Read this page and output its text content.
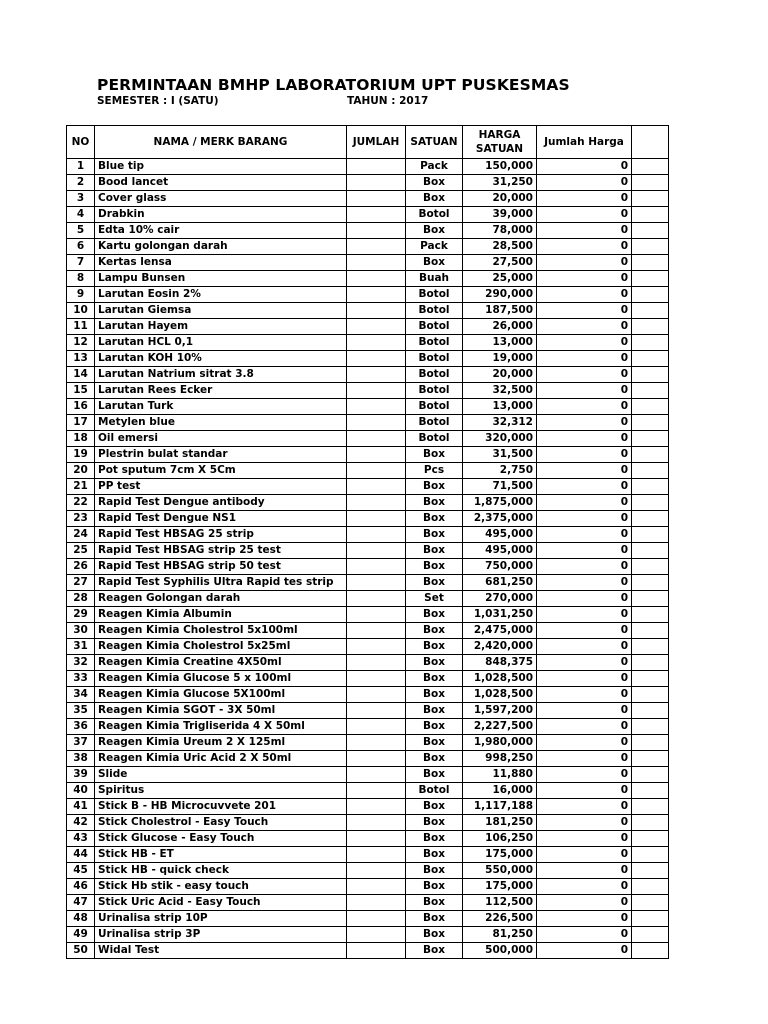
PERMINTAAN BMHP LABORATORIUM UPT PUSKESMAS
SEMESTER : I (SATU)	TAHUN : 2017
NO	NAMA / MERK BARANG	JUMLAH	SATUAN	HARGA SATUAN	Jumlah Harga	
1	Blue tip		Pack	150,000	0	
2	Bood lancet		Box	31,250	0	
3	Cover glass		Box	20,000	0	
4	Drabkin		Botol	39,000	0	
5	Edta 10% cair		Box	78,000	0	
6	Kartu golongan darah		Pack	28,500	0	
7	Kertas lensa		Box	27,500	0	
8	Lampu Bunsen		Buah	25,000	0	
9	Larutan Eosin 2%		Botol	290,000	0	
10	Larutan Giemsa		Botol	187,500	0	
11	Larutan Hayem		Botol	26,000	0	
12	Larutan HCL 0,1		Botol	13,000	0	
13	Larutan KOH 10%		Botol	19,000	0	
14	Larutan Natrium sitrat 3.8		Botol	20,000	0	
15	Larutan Rees Ecker		Botol	32,500	0	
16	Larutan Turk		Botol	13,000	0	
17	Metylen blue		Botol	32,312	0	
18	Oil emersi		Botol	320,000	0	
19	Plestrin bulat standar		Box	31,500	0	
20	Pot sputum 7cm X 5Cm		Pcs	2,750	0	
21	PP test		Box	71,500	0	
22	Rapid Test Dengue antibody		Box	1,875,000	0	
23	Rapid Test Dengue NS1		Box	2,375,000	0	
24	Rapid Test HBSAG 25 strip		Box	495,000	0	
25	Rapid Test HBSAG strip 25 test		Box	495,000	0	
26	Rapid Test HBSAG strip 50 test		Box	750,000	0	
27	Rapid Test Syphilis Ultra Rapid tes strip		Box	681,250	0	
28	Reagen Golongan darah		Set	270,000	0	
29	Reagen Kimia Albumin		Box	1,031,250	0	
30	Reagen Kimia Cholestrol 5x100ml		Box	2,475,000	0	
31	Reagen Kimia Cholestrol 5x25ml		Box	2,420,000	0	
32	Reagen Kimia Creatine 4X50ml		Box	848,375	0	
33	Reagen Kimia Glucose 5 x 100ml		Box	1,028,500	0	
34	Reagen Kimia Glucose 5X100ml		Box	1,028,500	0	
35	Reagen Kimia SGOT - 3X 50ml		Box	1,597,200	0	
36	Reagen Kimia Trigliserida 4 X 50ml		Box	2,227,500	0	
37	Reagen Kimia Ureum 2 X 125ml		Box	1,980,000	0	
38	Reagen Kimia Uric Acid 2 X 50ml		Box	998,250	0	
39	Slide		Box	11,880	0	
40	Spiritus		Botol	16,000	0	
41	Stick B - HB Microcuvvete 201		Box	1,117,188	0	
42	Stick Cholestrol - Easy Touch		Box	181,250	0	
43	Stick Glucose - Easy Touch		Box	106,250	0	
44	Stick HB - ET		Box	175,000	0	
45	Stick HB - quick check		Box	550,000	0	
46	Stick Hb stik - easy touch		Box	175,000	0	
47	Stick Uric Acid - Easy Touch		Box	112,500	0	
48	Urinalisa strip 10P		Box	226,500	0	
49	Urinalisa strip 3P		Box	81,250	0	
50	Widal Test		Box	500,000	0	
